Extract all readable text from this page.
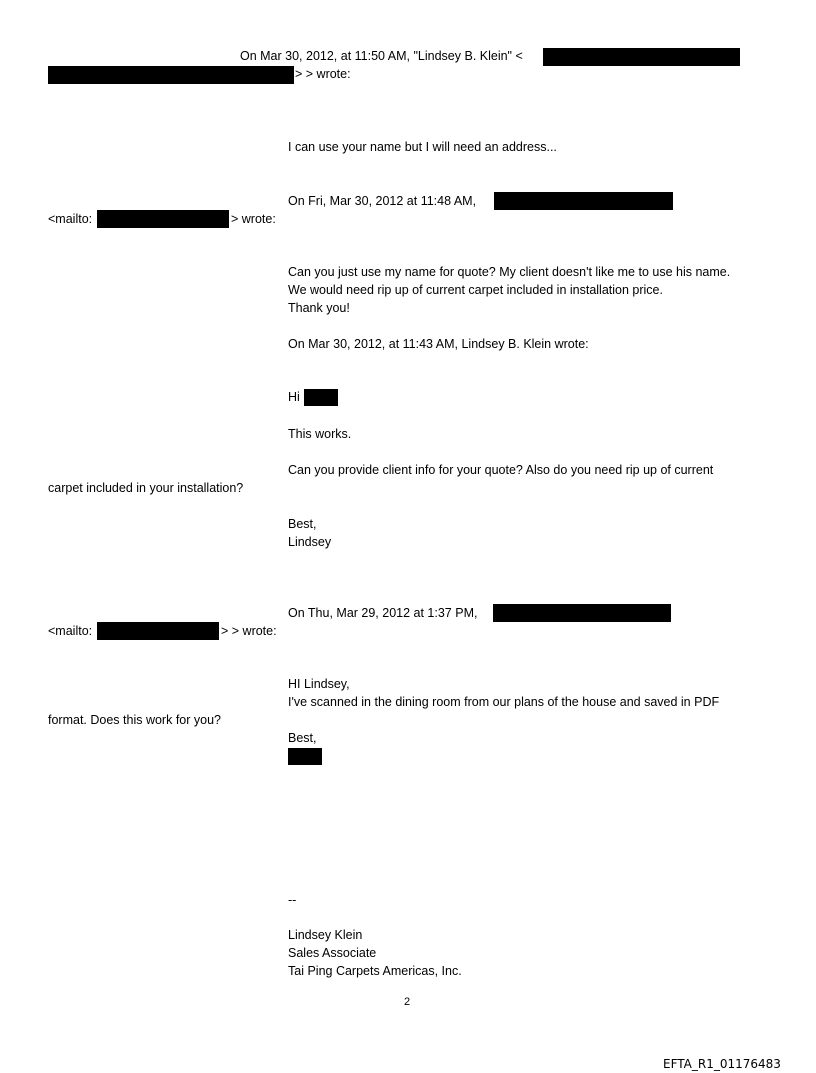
On Mar 30, 2012, at 11:50 AM, "Lindsey B. Klein" <
> > wrote:
I can use your name but I will need an address...
On Fri, Mar 30, 2012 at 11:48 AM,
<mailto:	> wrote:
Can you just use my name for quote? My client doesn't like me to use his name.
We would need rip up of current carpet included in installation price.
Thank you!
On Mar 30, 2012, at 11:43 AM, Lindsey B. Klein wrote:
Hi
This works.
Can you provide client info for your quote? Also do you need rip up of current
carpet included in your installation?
Best,
Lindsey
On Thu, Mar 29, 2012 at 1:37 PM,
<mailto:	> > wrote:
HI Lindsey,
I've scanned in the dining room from our plans of the house and saved in PDF
format. Does this work for you?
Best,
--
Lindsey Klein
Sales Associate
Tai Ping Carpets Americas, Inc.
2
EFTA_R1_01176483
